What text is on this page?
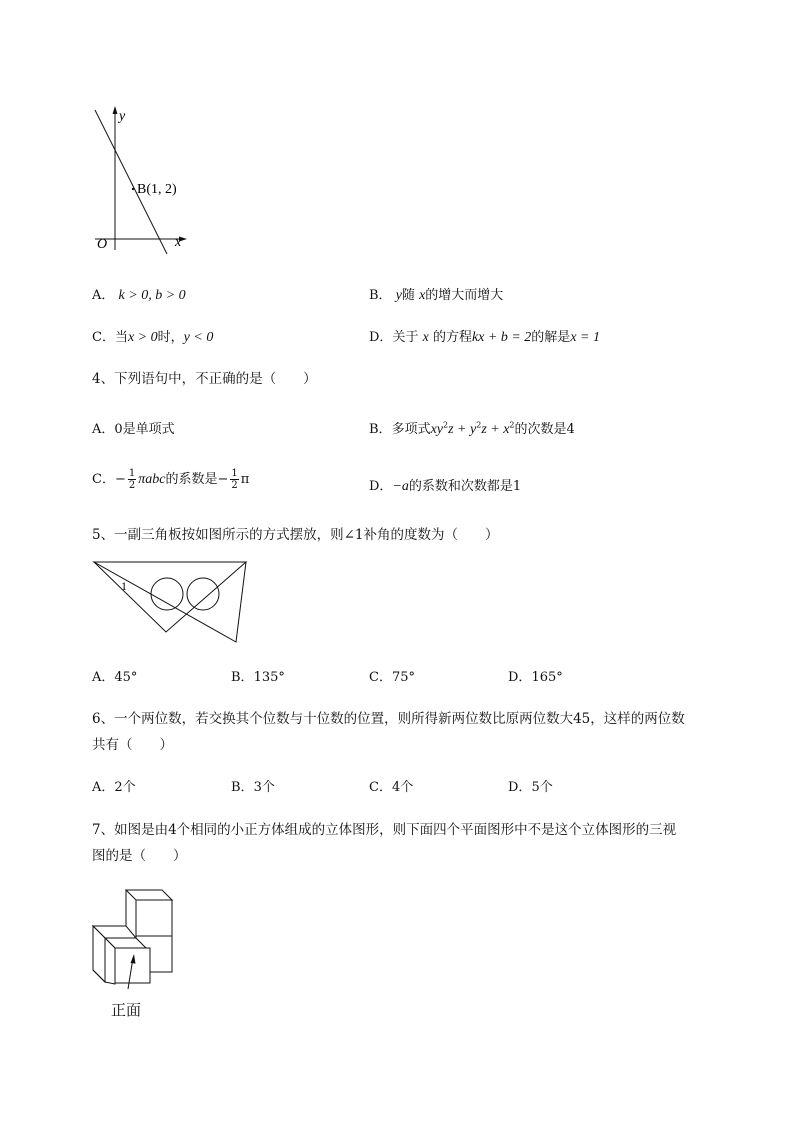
y
x
O
B(1, 2)
A． k > 0, b > 0	B． y随 x的增大而增大
C．当x > 0时，y < 0	D．关于 x 的方程kx + b = 2的解是x = 1
4、下列语句中，不正确的是（　　）
A．0是单项式	B．多项式$xy^2z + y^2z + x^2$的次数是4
C．− $\frac{1}{2}$ πabc的系数是− $\frac{1}{2}$ π	D．−a的系数和次数都是1
5、一副三角板按如图所示的方式摆放，则∠1补角的度数为（　　）
1
A．45°	B．135°	C．75°	D．165°
6、一个两位数，若交换其个位数与十位数的位置，则所得新两位数比原两位数大45，这样的两位数
共有（　　）
A．2个	B．3个	C．4个	D．5个
7、如图是由4个相同的小正方体组成的立体图形，则下面四个平面图形中不是这个立体图形的三视
图的是（　　）
正面
